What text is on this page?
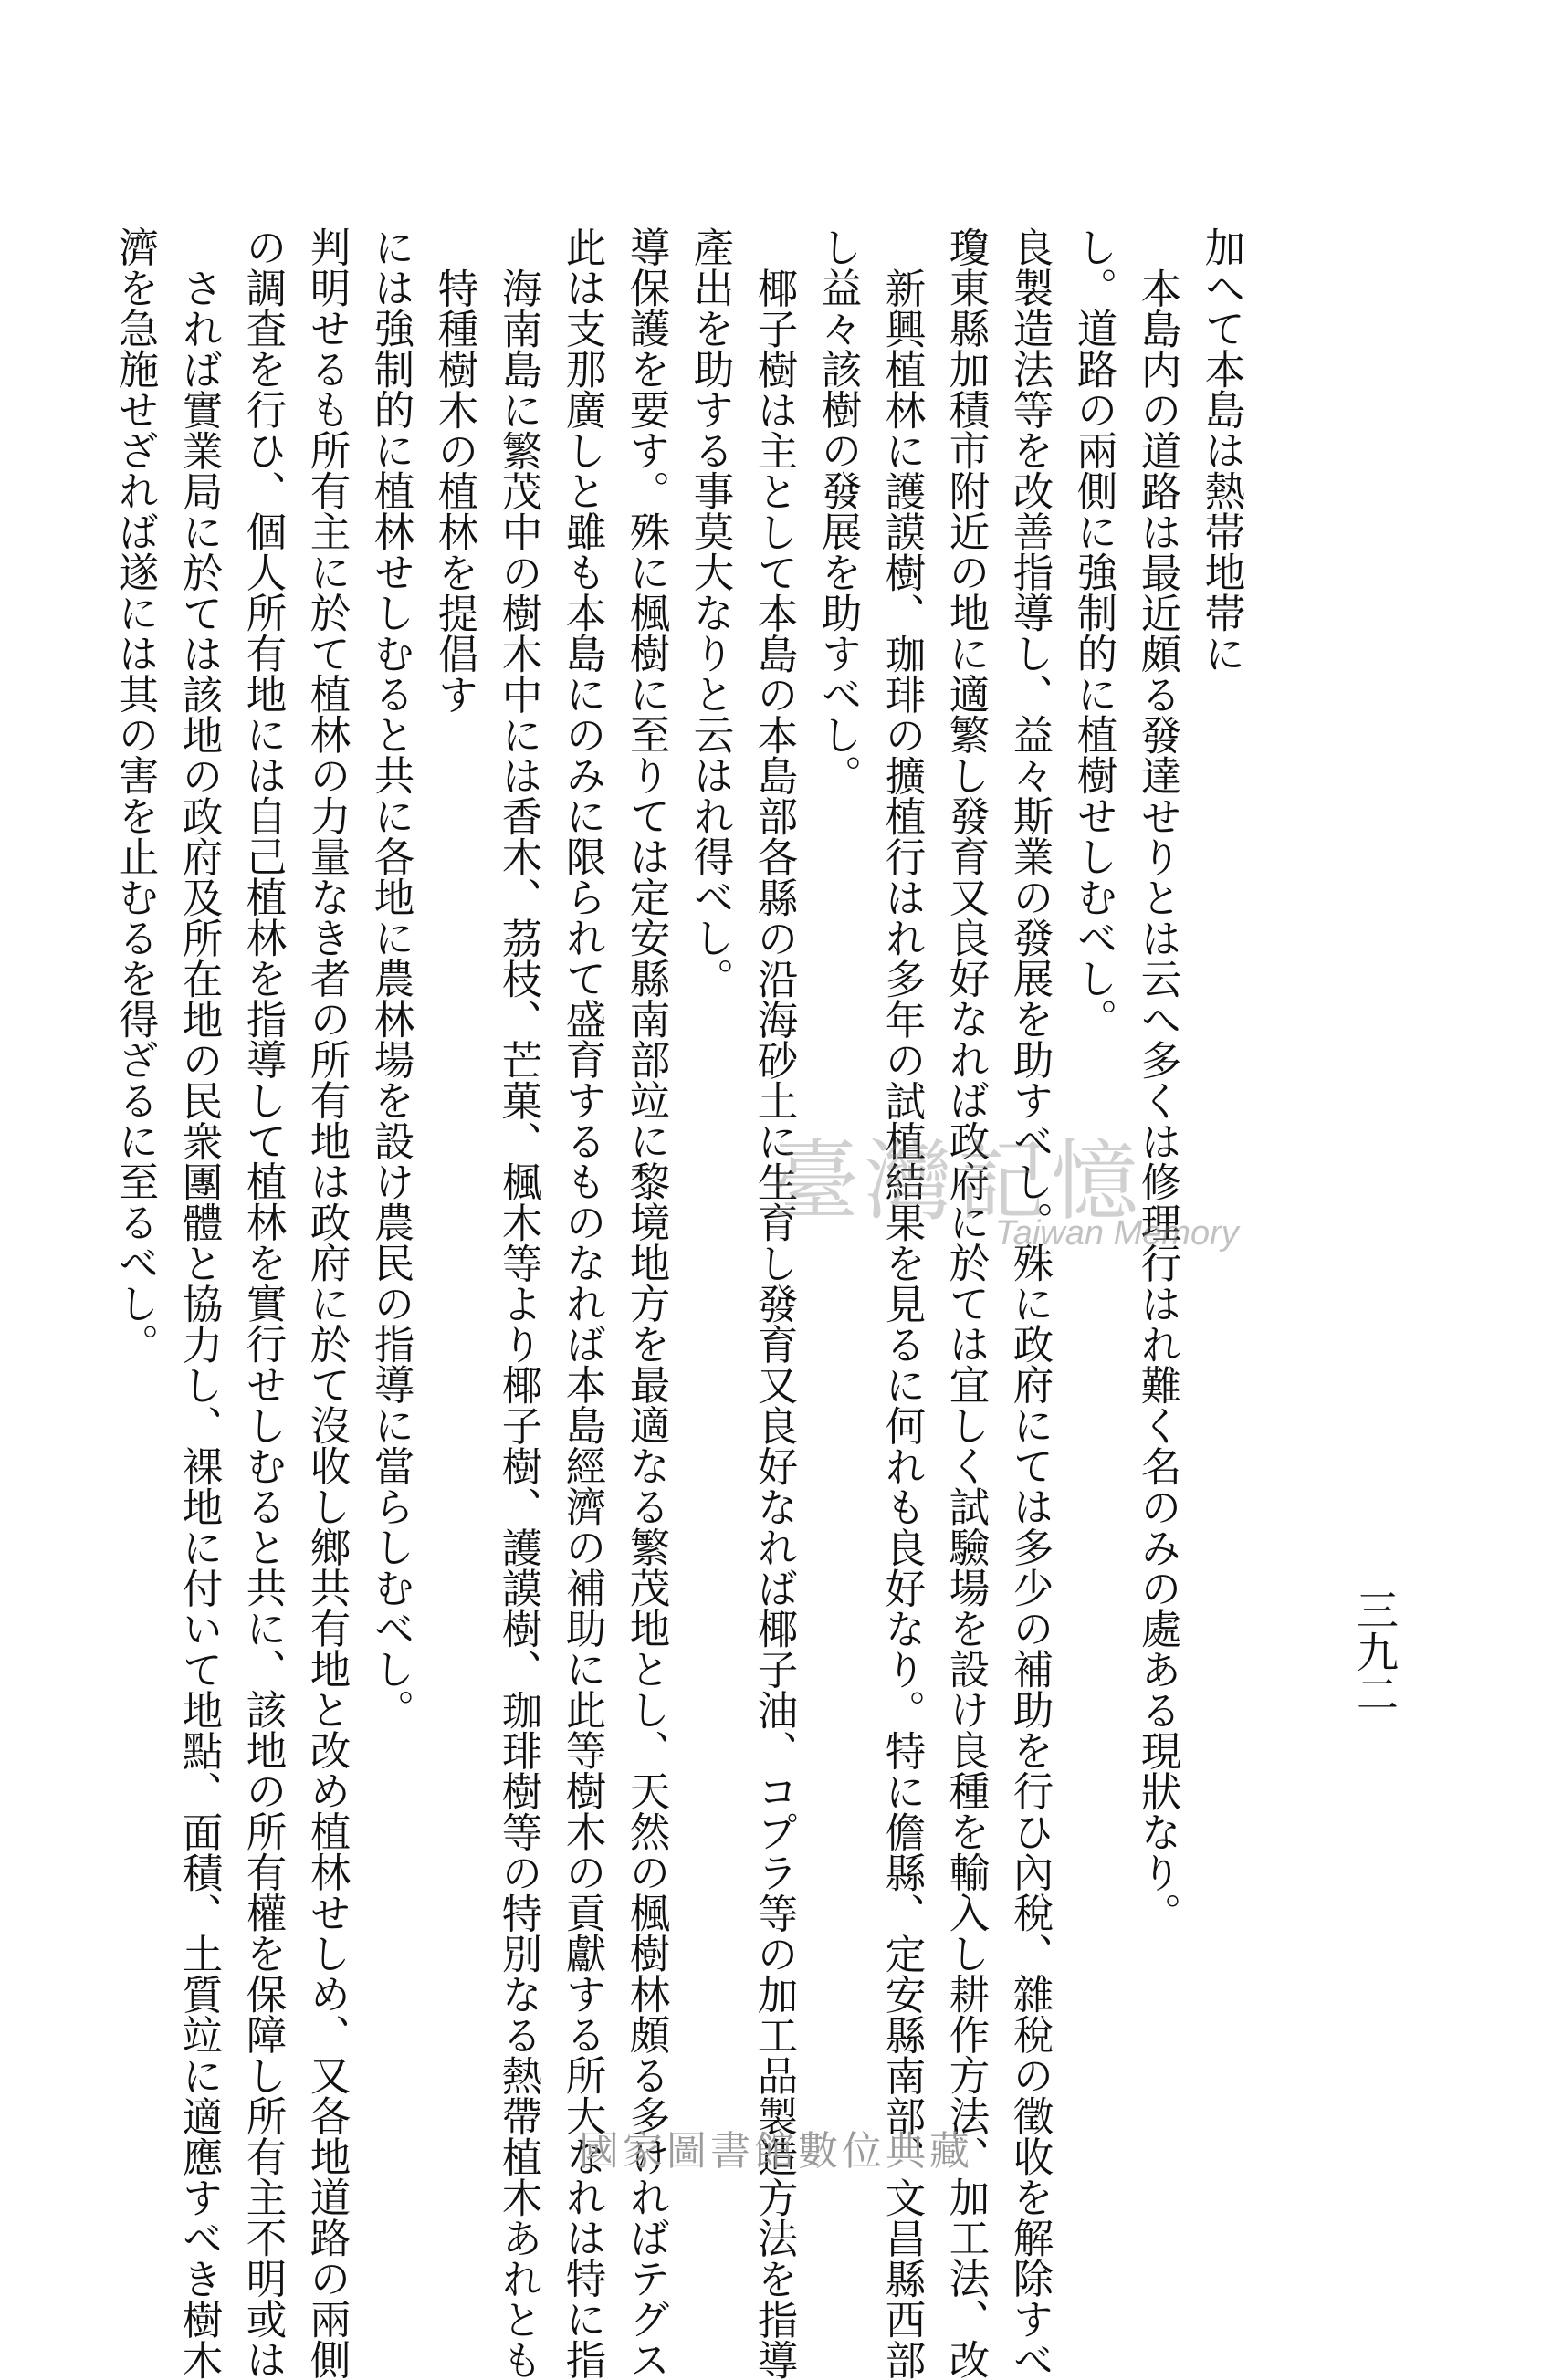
三九二
加へて本島は熱帯地帯に
本島内の道路は最近頗る發達せりとは云へ多くは修理行はれ難く名のみの處ある現狀なり。
し。道路の兩側に強制的に植樹せしむべし。
良製造法等を改善指導し、益々斯業の發展を助すべし。殊に政府にては多少の補助を行ひ內稅、雜稅の徵收を解除すべ
瓊東縣加積市附近の地に適繁し發育又良好なれば政府に於ては宜しく試驗場を設け良種を輸入し耕作方法、加工法、改
新興植林に護謨樹、珈琲の擴植行はれ多年の試植結果を見るに何れも良好なり。特に儋縣、定安縣南部、文昌縣西部
し益々該樹の發展を助すべし。
椰子樹は主として本島の本島部各縣の沿海砂土に生育し發育又良好なれば椰子油、コプラ等の加工品製造方法を指導
產出を助する事莫大なりと云はれ得べし。
導保護を要す。殊に楓樹に至りては定安縣南部竝に黎境地方を最適なる繁茂地とし、天然の楓樹林頗る多ければテグス
此は支那廣しと雖も本島にのみに限られて盛育するものなれば本島經濟の補助に此等樹木の貢獻する所大なれは特に指
海南島に繁茂中の樹木中には香木、茘枝、芒菓、楓木等より椰子樹、護謨樹、珈琲樹等の特別なる熱帶植木あれとも
特種樹木の植林を提倡す
には強制的に植林せしむると共に各地に農林場を設け農民の指導に當らしむべし。
判明せるも所有主に於て植林の力量なき者の所有地は政府に於て沒收し鄉共有地と改め植林せしめ、又各地道路の兩側
の調査を行ひ、個人所有地には自己植林を指導して植林を實行せしむると共に、該地の所有權を保障し所有主不明或は
されば實業局に於ては該地の政府及所在地の民衆團體と協力し、裸地に付いて地點、面積、土質竝に適應すべき樹木
濟を急施せざれば遂には其の害を止むるを得ざるに至るべし。	臺灣記憶
Taiwan Memory
國家圖書館數位典藏
